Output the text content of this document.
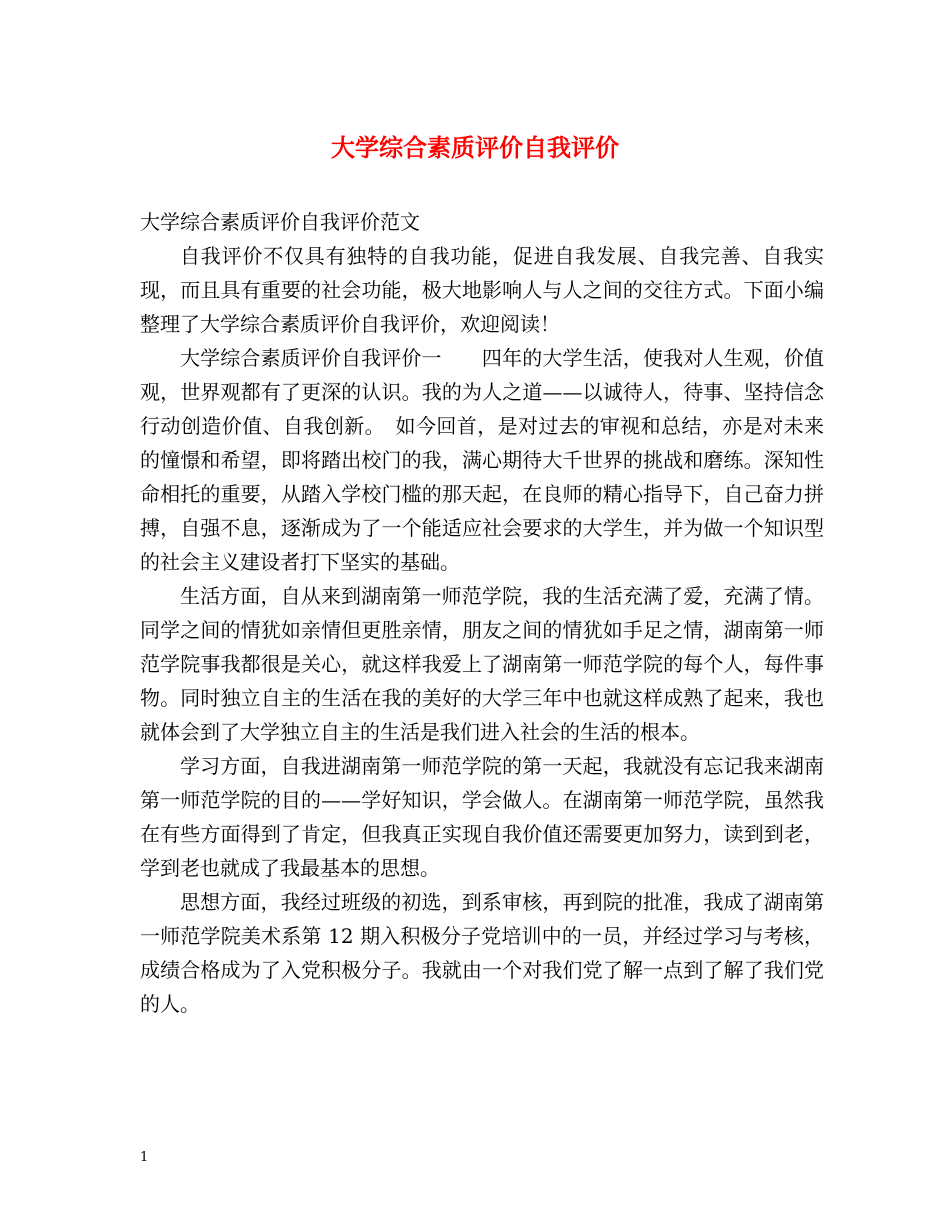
大学综合素质评价自我评价

大学综合素质评价自我评价范文

自我评价不仅具有独特的自我功能，促进自我发展、自我完善、自我实现，而且具有重要的社会功能，极大地影响人与人之间的交往方式。下面小编整理了大学综合素质评价自我评价，欢迎阅读！

大学综合素质评价自我评价一　　四年的大学生活，使我对人生观，价值观，世界观都有了更深的认识。我的为人之道——以诚待人，待事、坚持信念行动创造价值、自我创新。　如今回首，是对过去的审视和总结，亦是对未来的憧憬和希望，即将踏出校门的我，满心期待大千世界的挑战和磨练。深知性命相托的重要，从踏入学校门槛的那天起，在良师的精心指导下，自己奋力拼搏，自强不息，逐渐成为了一个能适应社会要求的大学生，并为做一个知识型的社会主义建设者打下坚实的基础。

生活方面，自从来到湖南第一师范学院，我的生活充满了爱，充满了情。同学之间的情犹如亲情但更胜亲情，朋友之间的情犹如手足之情，湖南第一师范学院事我都很是关心，就这样我爱上了湖南第一师范学院的每个人，每件事物。同时独立自主的生活在我的美好的大学三年中也就这样成熟了起来，我也就体会到了大学独立自主的生活是我们进入社会的生活的根本。

学习方面，自我进湖南第一师范学院的第一天起，我就没有忘记我来湖南第一师范学院的目的——学好知识，学会做人。在湖南第一师范学院，虽然我在有些方面得到了肯定，但我真正实现自我价值还需要更加努力，读到到老，学到老也就成了我最基本的思想。

思想方面，我经过班级的初选，到系审核，再到院的批准，我成了湖南第一师范学院美术系第 12 期入积极分子党培训中的一员，并经过学习与考核，成绩合格成为了入党积极分子。我就由一个对我们党了解一点到了解了我们党的人。

1
